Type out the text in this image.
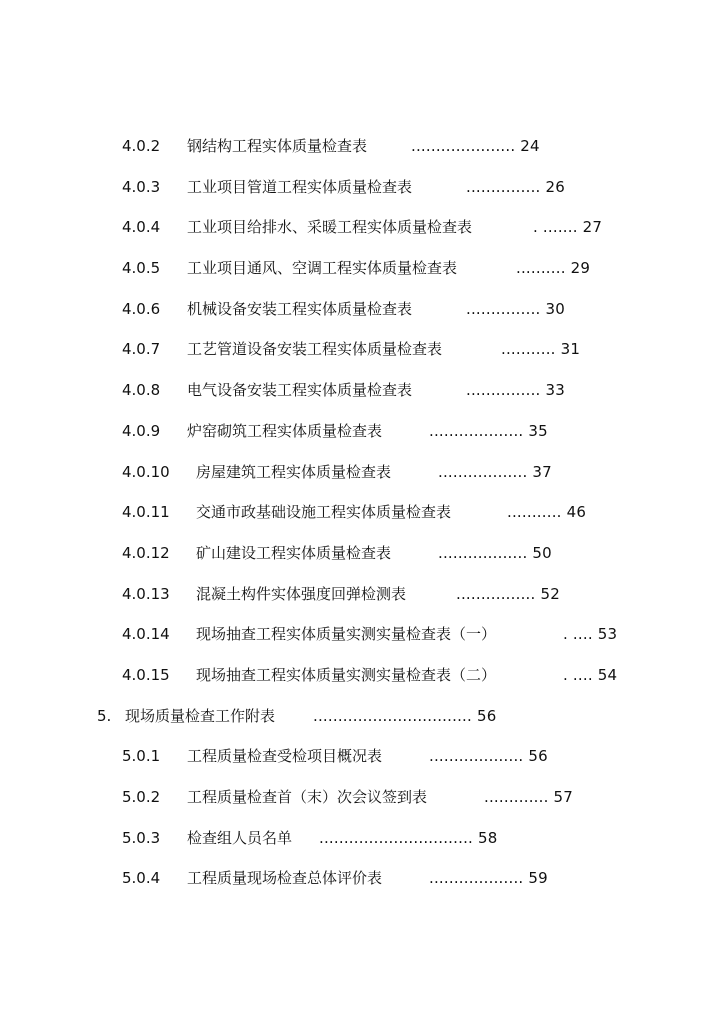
4.0.2 钢结构工程实体质量检查表	..................... 24
4.0.3 工业项目管道工程实体质量检查表	............... 26
4.0.4 工业项目给排水、采暖工程实体质量检查表	. ....... 27
4.0.5 工业项目通风、空调工程实体质量检查表	.......... 29
4.0.6 机械设备安装工程实体质量检查表	............... 30
4.0.7 工艺管道设备安装工程实体质量检查表	........... 31
4.0.8 电气设备安装工程实体质量检查表	............... 33
4.0.9 炉窑砌筑工程实体质量检查表	................... 35
4.0.10 房屋建筑工程实体质量检查表	.................. 37
4.0.11 交通市政基础设施工程实体质量检查表	........... 46
4.0.12 矿山建设工程实体质量检查表	.................. 50
4.0.13 混凝土构件实体强度回弹检测表	................ 52
4.0.14 现场抽查工程实体质量实测实量检查表（一）	. .... 53
4.0.15 现场抽查工程实体质量实测实量检查表（二）	. .... 54
5. 现场质量检查工作附表	................................ 56
5.0.1 工程质量检查受检项目概况表	................... 56
5.0.2 工程质量检查首（末）次会议签到表	............. 57
5.0.3 检查组人员名单 ............................... 58
5.0.4 工程质量现场检查总体评价表	................... 59
